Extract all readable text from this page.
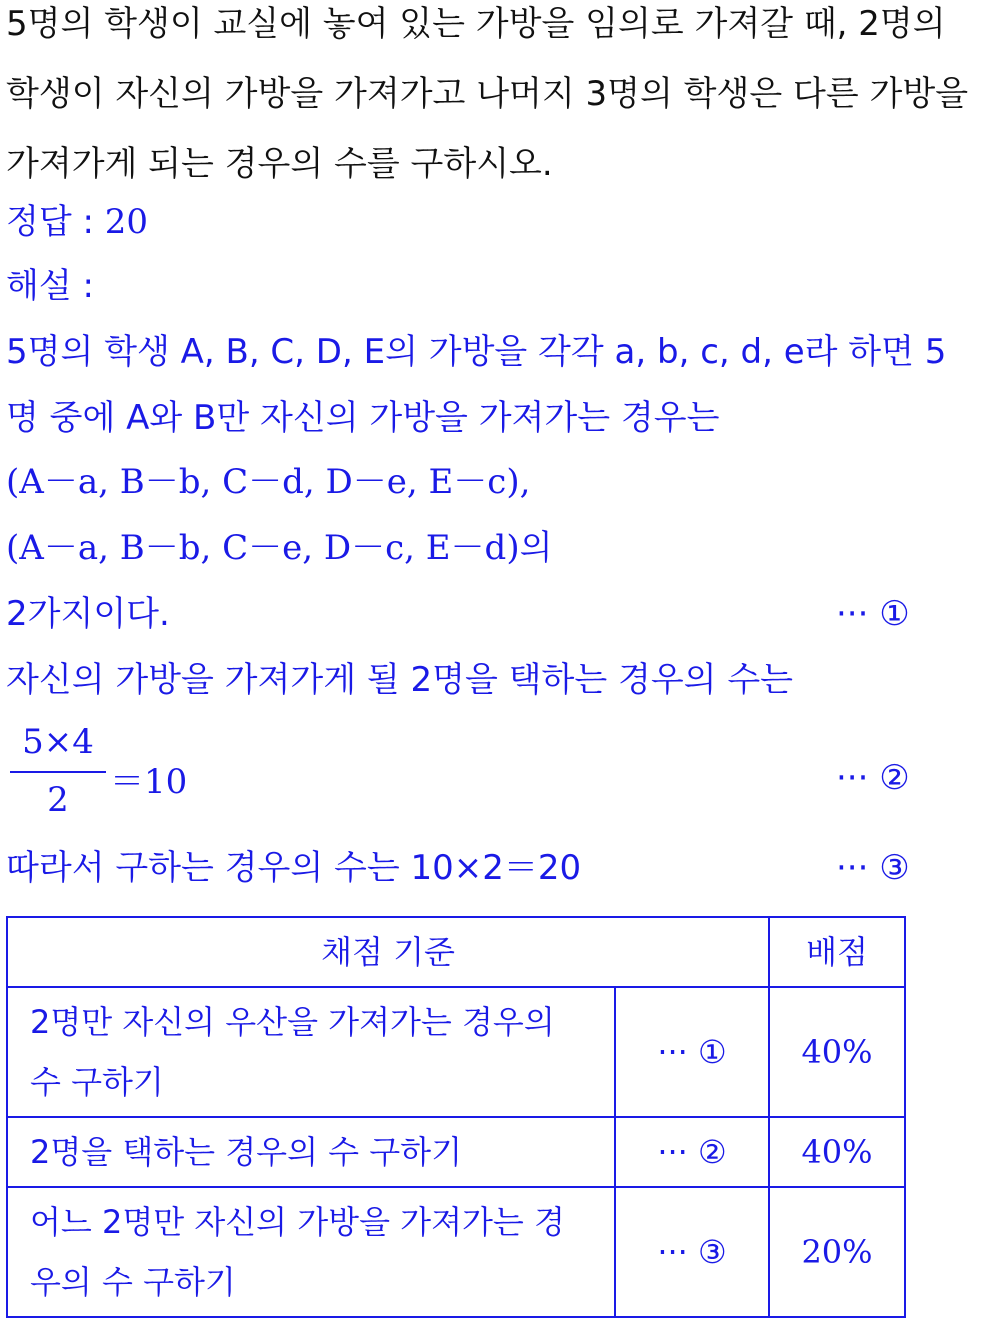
5명의 학생이 교실에 놓여 있는 가방을 임의로 가져갈 때, 2명의
학생이 자신의 가방을 가져가고 나머지 3명의 학생은 다른 가방을
가져가게 되는 경우의 수를 구하시오.
정답 : 20
해설 :
5명의 학생 A, B, C, D, E의 가방을 각각 a, b, c, d, e라 하면 5
명 중에 A와 B만 자신의 가방을 가져가는 경우는
(A－a, B－b, C－d, D－e, E－c),
(A－a, B－b, C－e, D－c, E－d)의
2가지이다.	··· ①
자신의 가방을 가져가게 될 2명을 택하는 경우의 수는
5×4
2	＝10	··· ②
따라서 구하는 경우의 수는 10×2＝20	··· ③
채점 기준		배점
2명만 자신의 우산을 가져가는 경우의 수 구하기	··· ①	40%
2명을 택하는 경우의 수 구하기	··· ②	40%
어느 2명만 자신의 가방을 가져가는 경우의 수 구하기	··· ③	20%
